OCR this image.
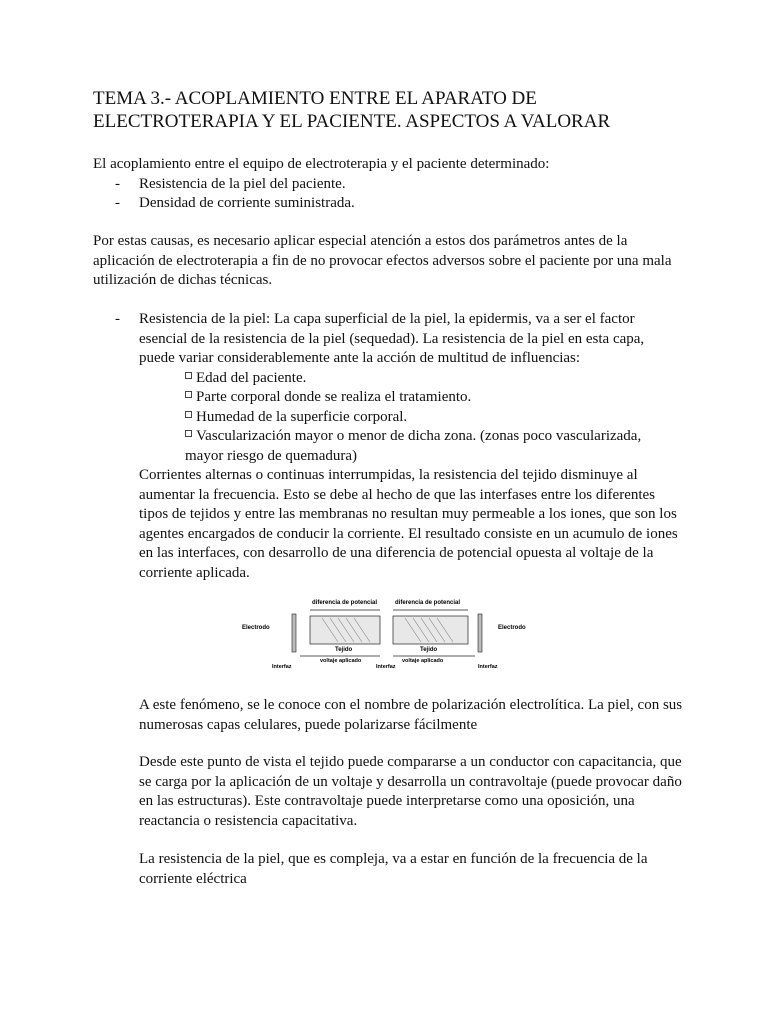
TEMA 3.- ACOPLAMIENTO ENTRE EL APARATO DE
ELECTROTERAPIA Y EL PACIENTE. ASPECTOS A VALORAR

El acoplamiento entre el equipo de electroterapia y el paciente determinado:

- Resistencia de la piel del paciente.
- Densidad de corriente suministrada.

Por estas causas, es necesario aplicar especial atención a estos dos parámetros antes de la aplicación de electroterapia a fin de no provocar efectos adversos sobre el paciente por una mala utilización de dichas técnicas.

- Resistencia de la piel: La capa superficial de la piel, la epidermis, va a ser el factor esencial de la resistencia de la piel (sequedad). La resistencia de la piel en esta capa, puede variar considerablemente ante la acción de multitud de influencias:

Edad del paciente.
Parte corporal donde se realiza el tratamiento.
Humedad de la superficie corporal.
Vascularización mayor o menor de dicha zona. (zonas poco vascularizada,
mayor riesgo de quemadura)

Corrientes alternas o continuas interrumpidas, la resistencia del tejido disminuye al aumentar la frecuencia. Esto se debe al hecho de que las interfases entre los diferentes tipos de tejidos y entre las membranas no resultan muy permeable a los iones, que son los agentes encargados de conducir la corriente. El resultado consiste en un acumulo de iones en las interfaces, con desarrollo de una diferencia de potencial opuesta al voltaje de la corriente aplicada.

diferencia de potencial	diferencia de potencial
Electrodo	Electrodo
Tejido	Tejido
voltaje aplicado	voltaje aplicado
Interfaz	Interfaz	Interfaz

A este fenómeno, se le conoce con el nombre de polarización electrolítica. La piel, con sus numerosas capas celulares, puede polarizarse fácilmente

Desde este punto de vista el tejido puede compararse a un conductor con capacitancia, que se carga por la aplicación de un voltaje y desarrolla un contravoltaje (puede provocar daño en las estructuras). Este contravoltaje puede interpretarse como una oposición, una reactancia o resistencia capacitativa.

La resistencia de la piel, que es compleja, va a estar en función de la frecuencia de la corriente eléctrica
